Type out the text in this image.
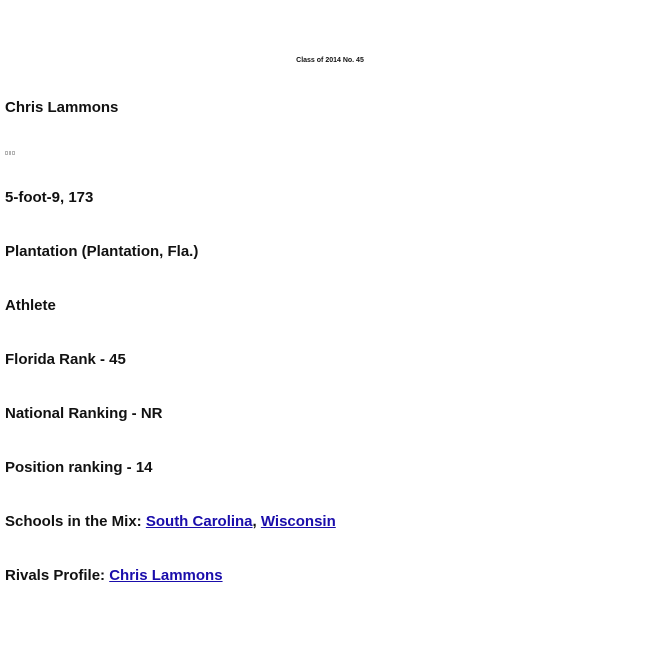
Class of 2014 No. 45
Chris Lammons
5-foot-9, 173
Plantation (Plantation, Fla.)
Athlete
Florida Rank - 45
National Ranking - NR
Position ranking - 14
Schools in the Mix: South Carolina, Wisconsin
Rivals Profile: Chris Lammons
